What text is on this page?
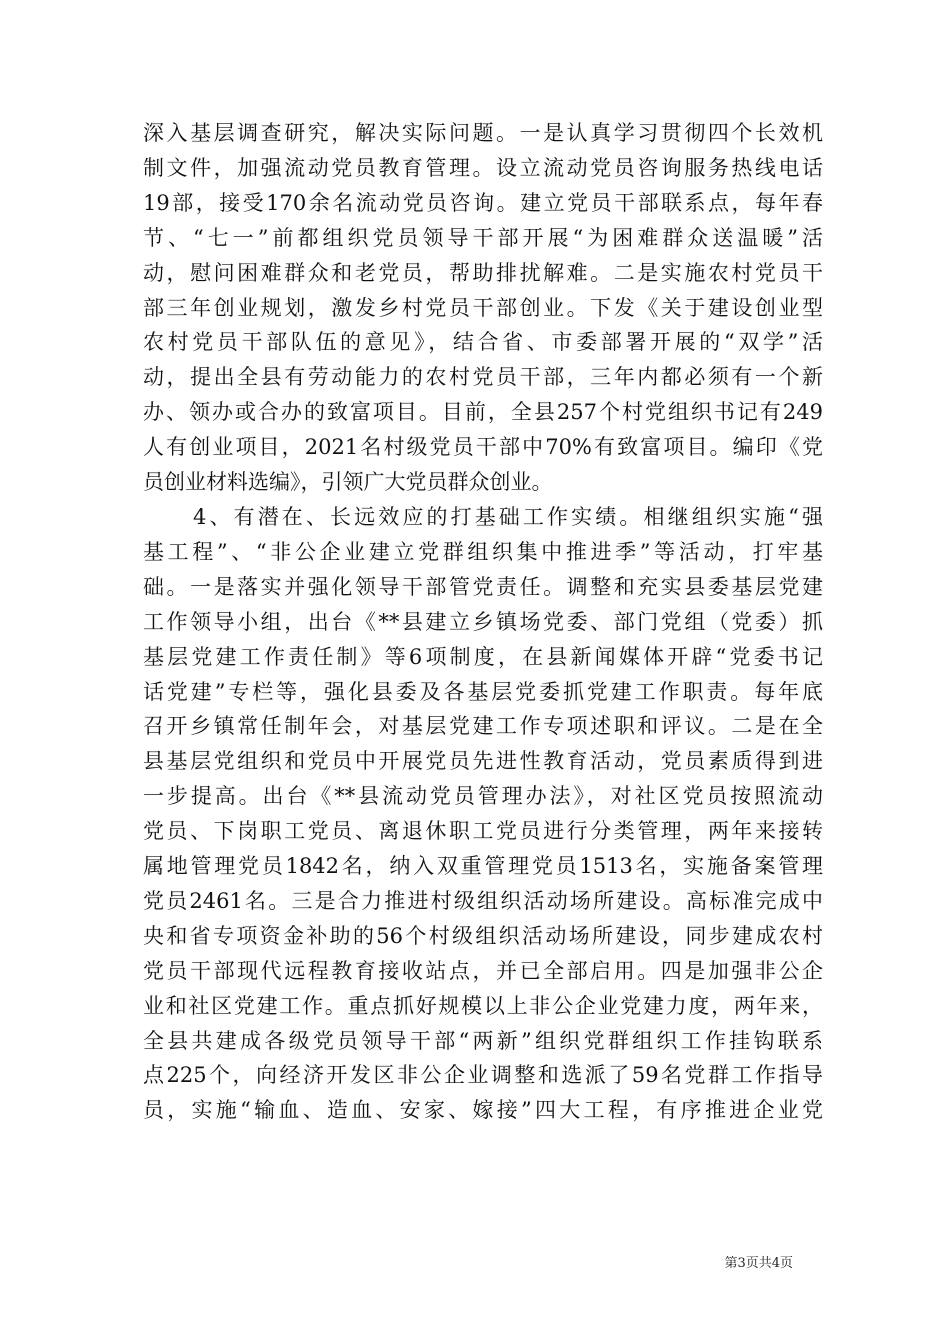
深入基层调查研究，解决实际问题。一是认真学习贯彻四个长效机
制文件，加强流动党员教育管理。设立流动党员咨询服务热线电话
19部，接受170余名流动党员咨询。建立党员干部联系点，每年春
节、“七一”前都组织党员领导干部开展“为困难群众送温暖”活
动，慰问困难群众和老党员，帮助排扰解难。二是实施农村党员干
部三年创业规划，激发乡村党员干部创业。下发《关于建设创业型
农村党员干部队伍的意见》，结合省、市委部署开展的“双学”活
动，提出全县有劳动能力的农村党员干部，三年内都必须有一个新
办、领办或合办的致富项目。目前，全县257个村党组织书记有249
人有创业项目，2021名村级党员干部中70%有致富项目。编印《党
员创业材料选编》，引领广大党员群众创业。
4、有潜在、长远效应的打基础工作实绩。相继组织实施“强
基工程”、“非公企业建立党群组织集中推进季”等活动，打牢基
础。一是落实并强化领导干部管党责任。调整和充实县委基层党建
工作领导小组，出台《**县建立乡镇场党委、部门党组（党委）抓
基层党建工作责任制》等6项制度，在县新闻媒体开辟“党委书记
话党建”专栏等，强化县委及各基层党委抓党建工作职责。每年底
召开乡镇常任制年会，对基层党建工作专项述职和评议。二是在全
县基层党组织和党员中开展党员先进性教育活动，党员素质得到进
一步提高。出台《**县流动党员管理办法》，对社区党员按照流动
党员、下岗职工党员、离退休职工党员进行分类管理，两年来接转
属地管理党员1842名，纳入双重管理党员1513名，实施备案管理
党员2461名。三是合力推进村级组织活动场所建设。高标准完成中
央和省专项资金补助的56个村级组织活动场所建设，同步建成农村
党员干部现代远程教育接收站点，并已全部启用。四是加强非公企
业和社区党建工作。重点抓好规模以上非公企业党建力度，两年来，
全县共建成各级党员领导干部“两新”组织党群组织工作挂钩联系
点225个，向经济开发区非公企业调整和选派了59名党群工作指导
员，实施“输血、造血、安家、嫁接”四大工程，有序推进企业党
第3页共4页
